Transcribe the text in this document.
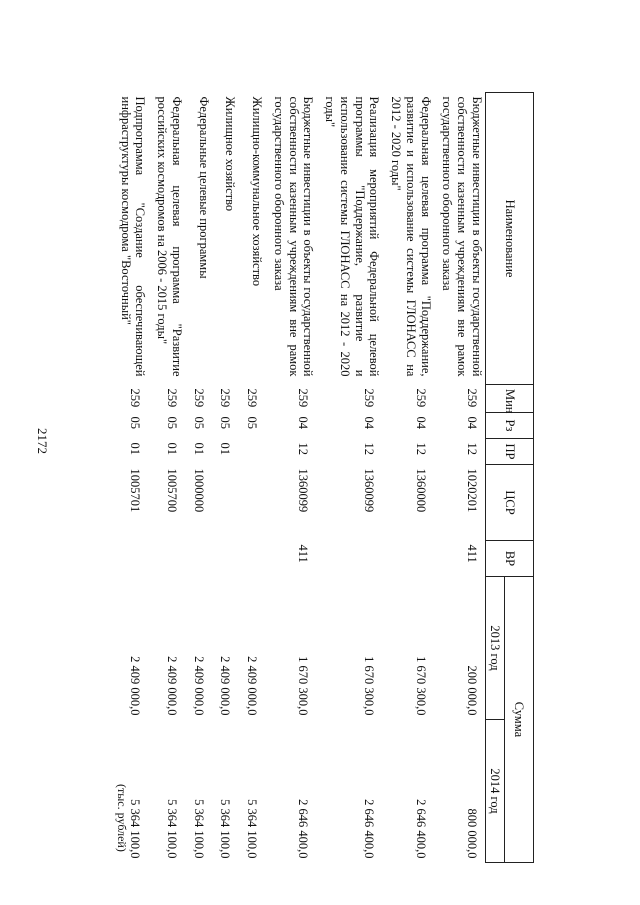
2172
(тыс. рублей)
Наименование	Мин	Рз	ПР	ЦСР	ВР	Сумма	
						2013 год	2014 год
Бюджетные инвестиции в объекты государственной собственности казенным учреждениям вне рамок государственного оборонного заказа	259	04	12	1020201	411	200 000,0	800 000,0
Федеральная целевая программа "Поддержание, развитие и использование системы ГЛОНАСС на 2012 - 2020 годы"	259	04	12	1360000		1 670 300,0	2 646 400,0
Реализация мероприятий Федеральной целевой программы "Поддержание, развитие и использование системы ГЛОНАСС на 2012 - 2020 годы"	259	04	12	1360099		1 670 300,0	2 646 400,0
Бюджетные инвестиции в объекты государственной собственности казенным учреждениям вне рамок государственного оборонного заказа	259	04	12	1360099	411	1 670 300,0	2 646 400,0
Жилищно-коммунальное хозяйство	259	05				2 409 000,0	5 364 100,0
Жилищное хозяйство	259	05	01			2 409 000,0	5 364 100,0
Федеральные целевые программы	259	05	01	1000000		2 409 000,0	5 364 100,0
Федеральная целевая программа "Развитие российских космодромов на 2006 - 2015 годы"	259	05	01	1005700		2 409 000,0	5 364 100,0
Подпрограмма "Создание обеспечивающей инфраструктуры космодрома "Восточный"	259	05	01	1005701		2 409 000,0	5 364 100,0
